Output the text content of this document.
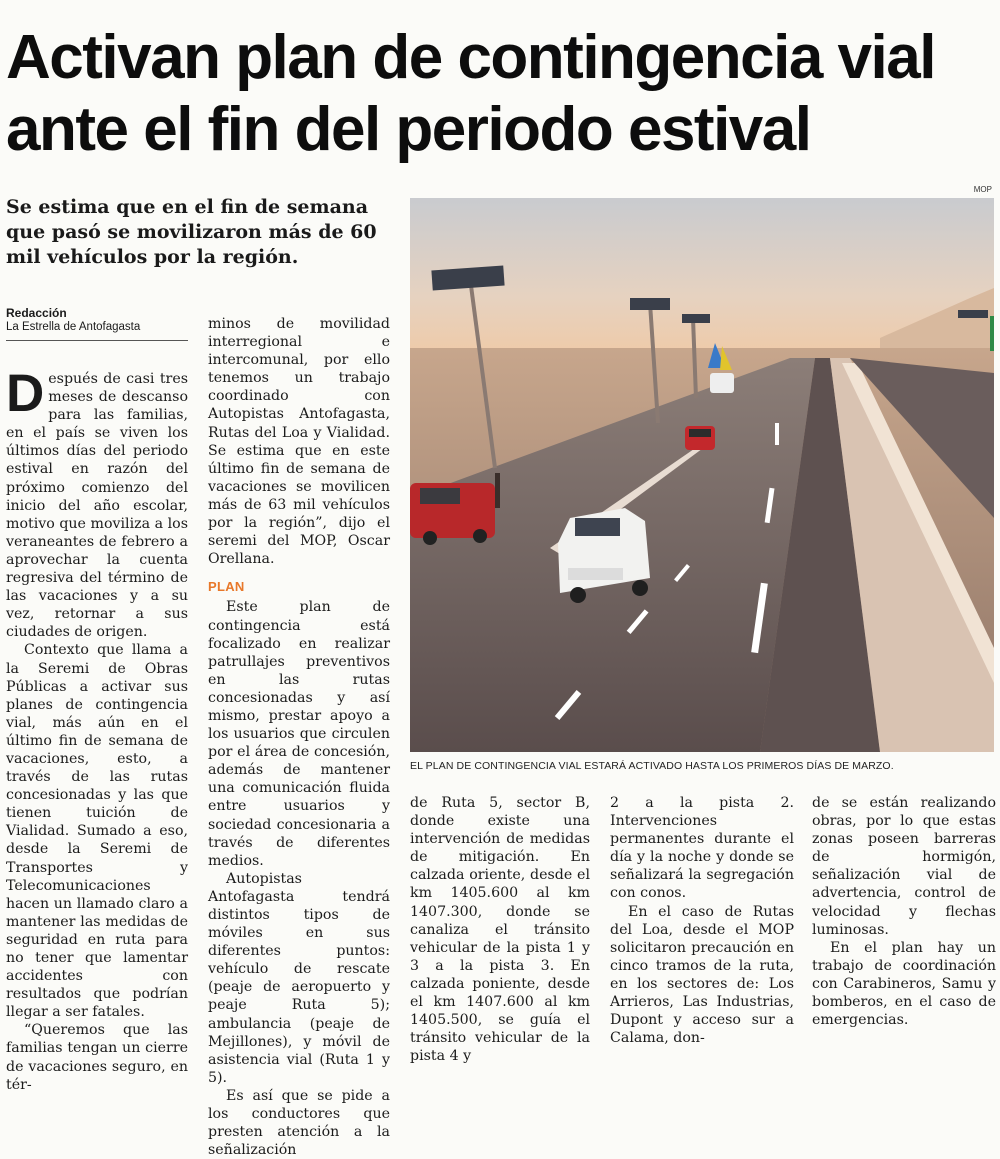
Activan plan de contingencia vial
ante el fin del periodo estival
Se estima que en el fin de semana que pasó se movilizaron más de 60 mil vehículos por la región.
Redacción
La Estrella de Antofagasta

Después de casi tres meses de descanso para las familias, en el país se viven los últimos días del periodo estival en razón del próximo comienzo del inicio del año escolar, motivo que moviliza a los veraneantes de febrero a aprovechar la cuenta regresiva del término de las vacaciones y a su vez, retornar a sus ciudades de origen.

Contexto que llama a la Seremi de Obras Públicas a activar sus planes de contingencia vial, más aún en el último fin de semana de vacaciones, esto, a través de las rutas concesionadas y las que tienen tuición de Vialidad. Sumado a eso, desde la Seremi de Transportes y Telecomunicaciones hacen un llamado claro a mantener las medidas de seguridad en ruta para no tener que lamentar accidentes con resultados que podrían llegar a ser fatales.

“Queremos que las familias tengan un cierre de vacaciones seguro, en tér-

minos de movilidad interregional e intercomunal, por ello tenemos un trabajo coordinado con Autopistas Antofagasta, Rutas del Loa y Vialidad. Se estima que en este último fin de semana de vacaciones se movilicen más de 63 mil vehículos por la región”, dijo el seremi del MOP, Oscar Orellana.

PLAN

Este plan de contingencia está focalizado en realizar patrullajes preventivos en las rutas concesionadas y así mismo, prestar apoyo a los usuarios que circulen por el área de concesión, además de mantener una comunicación fluida entre usuarios y sociedad concesionaria a través de diferentes medios.

Autopistas Antofagasta tendrá distintos tipos de móviles en sus diferentes puntos: vehículo de rescate (peaje de aeropuerto y peaje Ruta 5); ambulancia (peaje de Mejillones), y móvil de asistencia vial (Ruta 1 y 5).

Es así que se pide a los conductores que presten atención a la señalización

MOP
EL PLAN DE CONTINGENCIA VIAL ESTARÁ ACTIVADO HASTA LOS PRIMEROS DÍAS DE MARZO.

de Ruta 5, sector B, donde existe una intervención de medidas de mitigación. En calzada oriente, desde el km 1405.600 al km 1407.300, donde se canaliza el tránsito vehicular de la pista 1 y 3 a la pista 3. En calzada poniente, desde el km 1407.600 al km 1405.500, se guía el tránsito vehicular de la pista 4 y

2 a la pista 2. Intervenciones permanentes durante el día y la noche y donde se señalizará la segregación con conos.

En el caso de Rutas del Loa, desde el MOP solicitaron precaución en cinco tramos de la ruta, en los sectores de: Los Arrieros, Las Industrias, Dupont y acceso sur a Calama, don-

de se están realizando obras, por lo que estas zonas poseen barreras de hormigón, señalización vial de advertencia, control de velocidad y flechas luminosas.

En el plan hay un trabajo de coordinación con Carabineros, Samu y bomberos, en el caso de emergencias.
